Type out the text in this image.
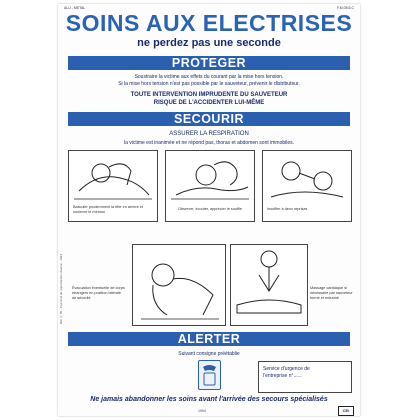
ALU - METAL	F.M.05.6.C
SOINS AUX ELECTRISES
ne perdez pas une seconde
PROTEGER
Soustraire la victime aux effets du courant par la mise hors tension.
Si la mise hors tension n'est pas possible par le sauveteur, prévenir le distributeur.
TOUTE INTERVENTION IMPRUDENTE DU SAUVETEUR
RISQUE DE L'ACCIDENTER LUI-MÊME
SECOURIR
ASSURER LA RESPIRATION
la victime est inanimée et ne répond pas, thorax et abdomen sont immobiles.
Réf. n° 05 - Tout droit de reproduction réservé - 1994
Basculer prudemment la tête en arrière et soulever le menton
Observer, écouter, apprécier le souffle	Insuffler à deux reprises
Évacuation éventuelle de corps étrangers en position latérale de sécurité
Massage cardiaque si nécessaire par sauveteur formé et entraîné
ALERTER
Suivant consigne préétablie
Service d'urgence de
l'entreprise n°......
Ne jamais abandonner les soins avant l'arrivée des secours spécialisés
1994	CEI
